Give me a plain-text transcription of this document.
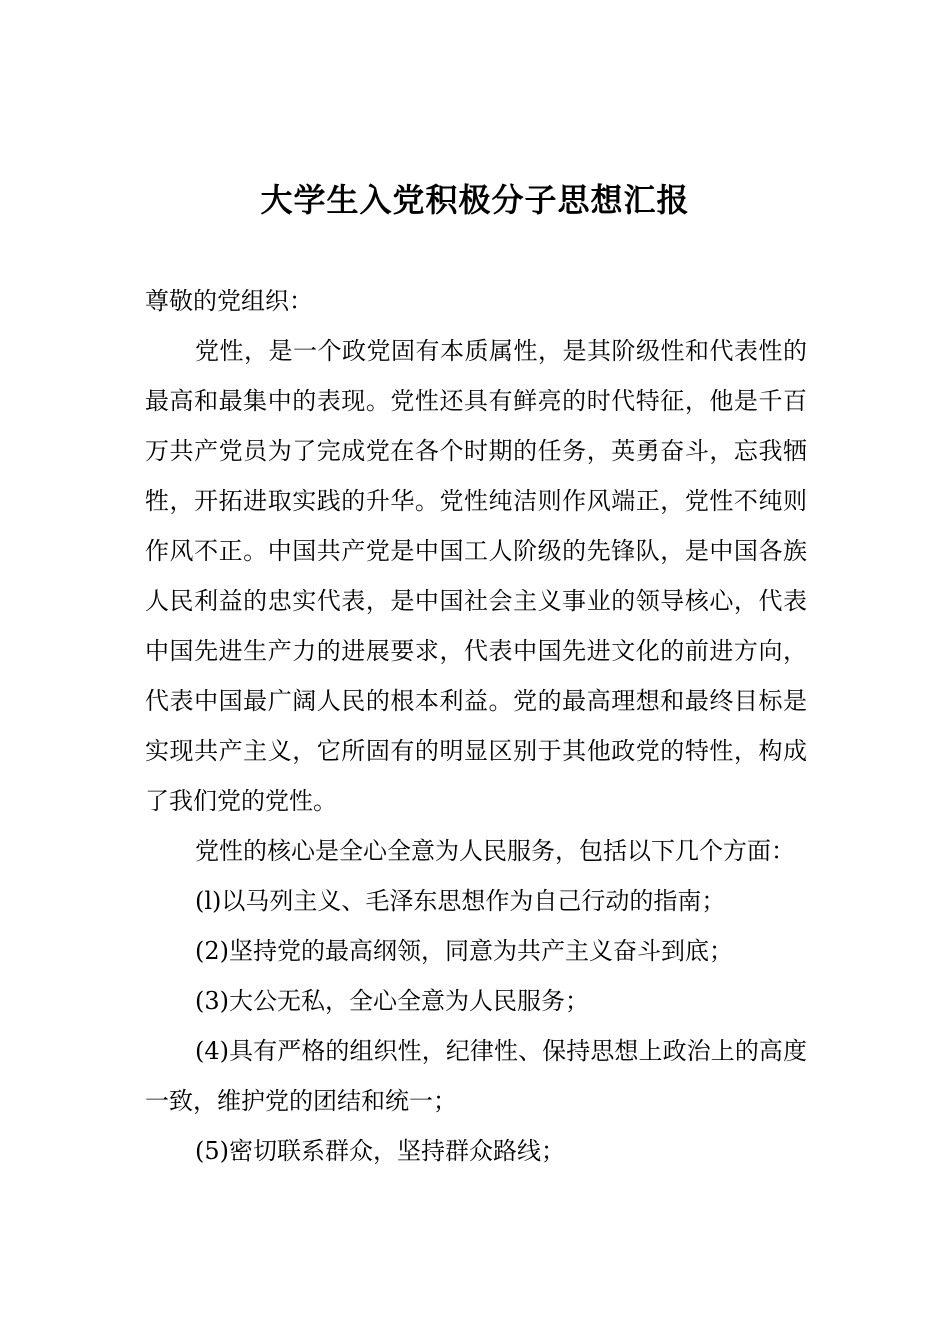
大学生入党积极分子思想汇报

尊敬的党组织：

党性，是一个政党固有本质属性，是其阶级性和代表性的最高和最集中的表现。党性还具有鲜亮的时代特征，他是千百万共产党员为了完成党在各个时期的任务，英勇奋斗，忘我牺牲，开拓进取实践的升华。党性纯洁则作风端正，党性不纯则作风不正。中国共产党是中国工人阶级的先锋队，是中国各族人民利益的忠实代表，是中国社会主义事业的领导核心，代表中国先进生产力的进展要求，代表中国先进文化的前进方向，代表中国最广阔人民的根本利益。党的最高理想和最终目标是实现共产主义，它所固有的明显区别于其他政党的特性，构成了我们党的党性。

党性的核心是全心全意为人民服务，包括以下几个方面：

(l)以马列主义、毛泽东思想作为自己行动的指南；

(2)坚持党的最高纲领，同意为共产主义奋斗到底；

(3)大公无私，全心全意为人民服务；

(4)具有严格的组织性，纪律性、保持思想上政治上的高度一致，维护党的团结和统一；

(5)密切联系群众，坚持群众路线；
